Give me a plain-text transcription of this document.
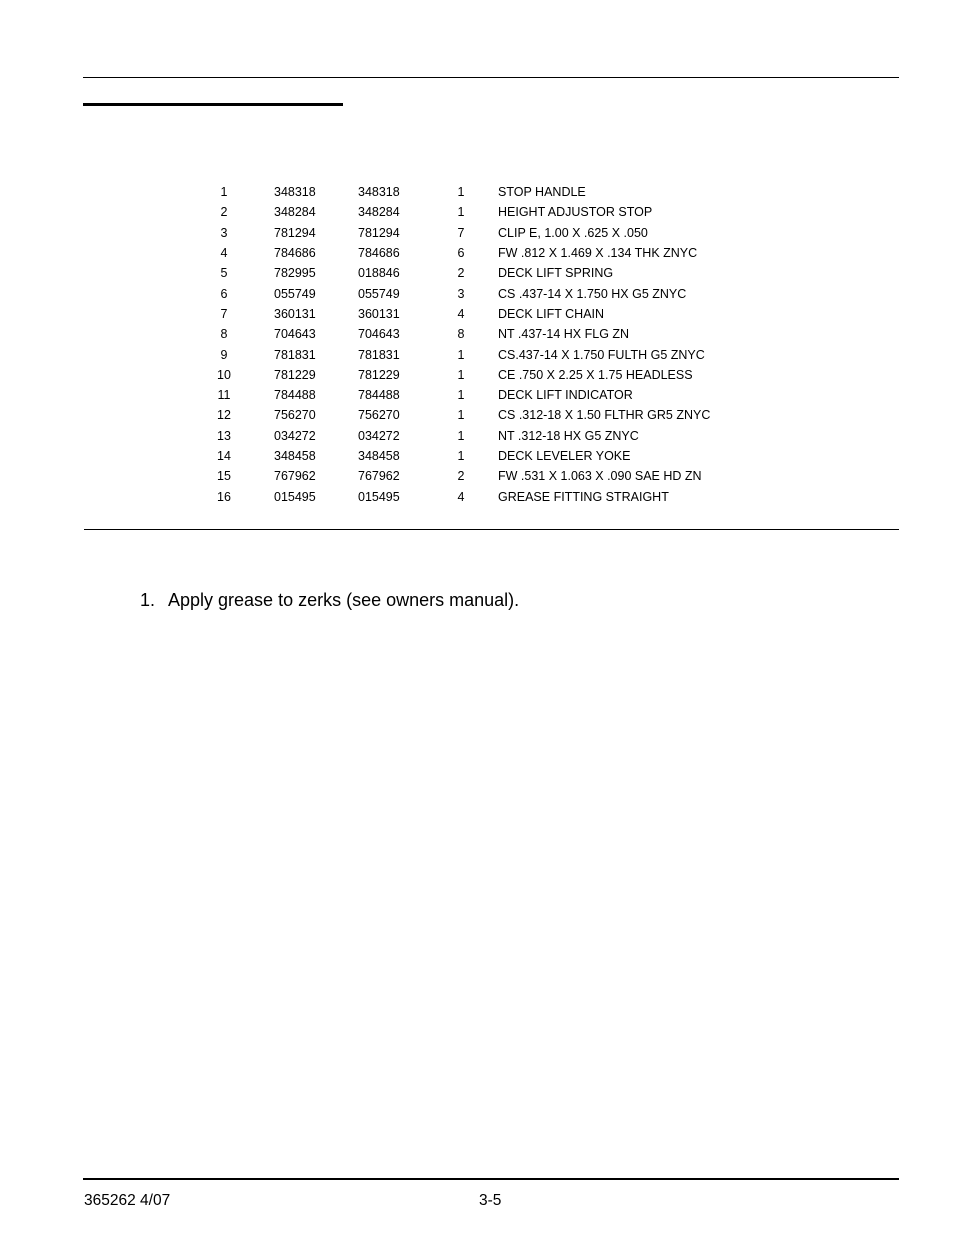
1	348318	348318	1	STOP HANDLE
2	348284	348284	1	HEIGHT ADJUSTOR STOP
3	781294	781294	7	CLIP E, 1.00 X .625 X .050
4	784686	784686	6	FW .812 X 1.469 X .134 THK ZNYC
5	782995	018846	2	DECK LIFT SPRING
6	055749	055749	3	CS .437-14 X 1.750 HX G5 ZNYC
7	360131	360131	4	DECK LIFT CHAIN
8	704643	704643	8	NT .437-14 HX FLG ZN
9	781831	781831	1	CS.437-14 X 1.750 FULTH G5 ZNYC
10	781229	781229	1	CE .750 X 2.25 X 1.75 HEADLESS
11	784488	784488	1	DECK LIFT INDICATOR
12	756270	756270	1	CS .312-18 X 1.50 FLTHR GR5 ZNYC
13	034272	034272	1	NT .312-18 HX G5 ZNYC
14	348458	348458	1	DECK LEVELER YOKE
15	767962	767962	2	FW .531 X 1.063 X .090 SAE HD ZN
16	015495	015495	4	GREASE FITTING STRAIGHT
1. Apply grease to zerks (see owners manual).
365262 4/07	3-5
